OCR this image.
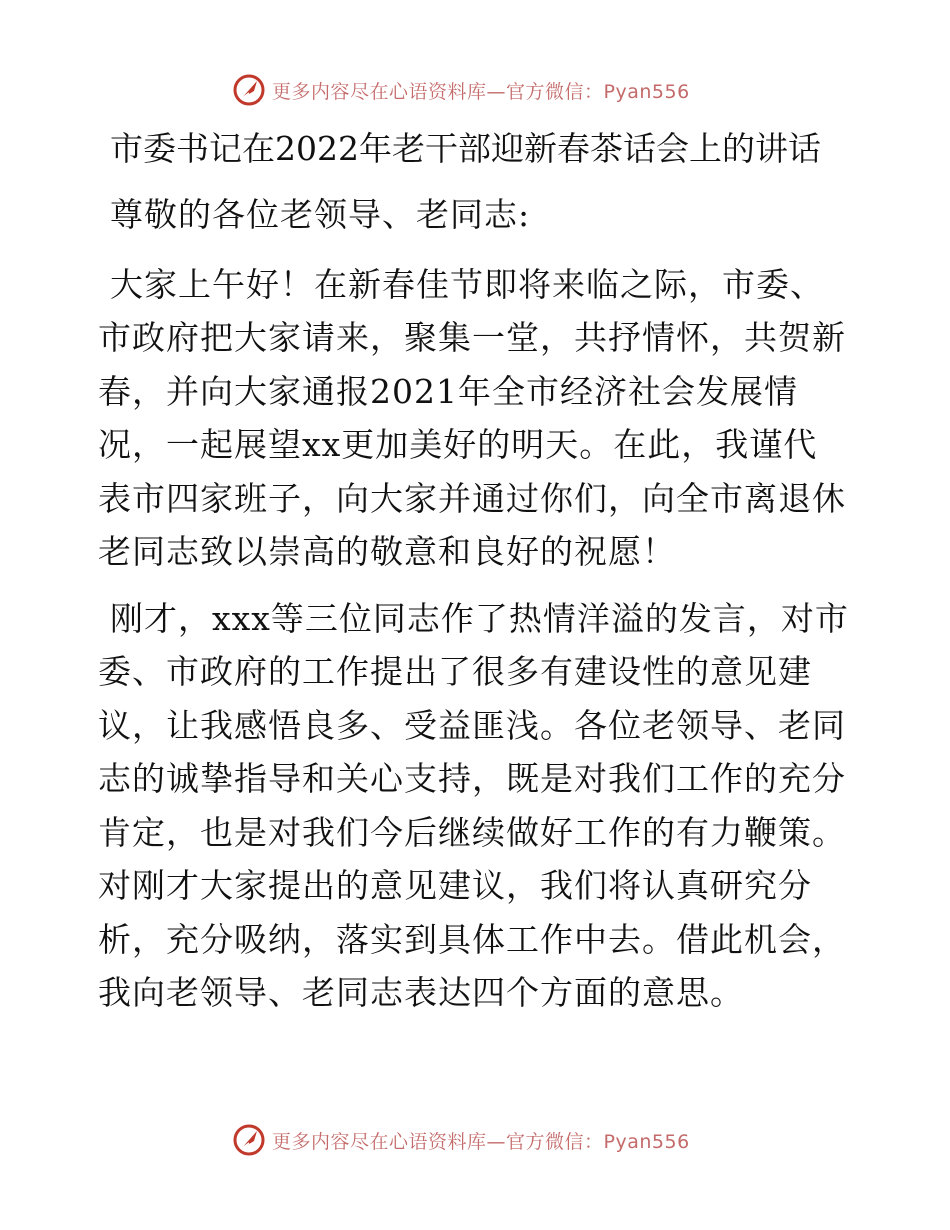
更多内容尽在心语资料库—官方微信：Pyan556
市委书记在2022年老干部迎新春茶话会上的讲话

尊敬的各位老领导、老同志:

大家上午好！在新春佳节即将来临之际，市委、市政府把大家请来，聚集一堂，共抒情怀，共贺新春，并向大家通报2021年全市经济社会发展情况，一起展望xx更加美好的明天。在此，我谨代表市四家班子，向大家并通过你们，向全市离退休老同志致以崇高的敬意和良好的祝愿！

刚才，xxx等三位同志作了热情洋溢的发言，对市委、市政府的工作提出了很多有建设性的意见建议，让我感悟良多、受益匪浅。各位老领导、老同志的诚挚指导和关心支持，既是对我们工作的充分肯定，也是对我们今后继续做好工作的有力鞭策。对刚才大家提出的意见建议，我们将认真研究分析，充分吸纳，落实到具体工作中去。借此机会，我向老领导、老同志表达四个方面的意思。

更多内容尽在心语资料库—官方微信：Pyan556
